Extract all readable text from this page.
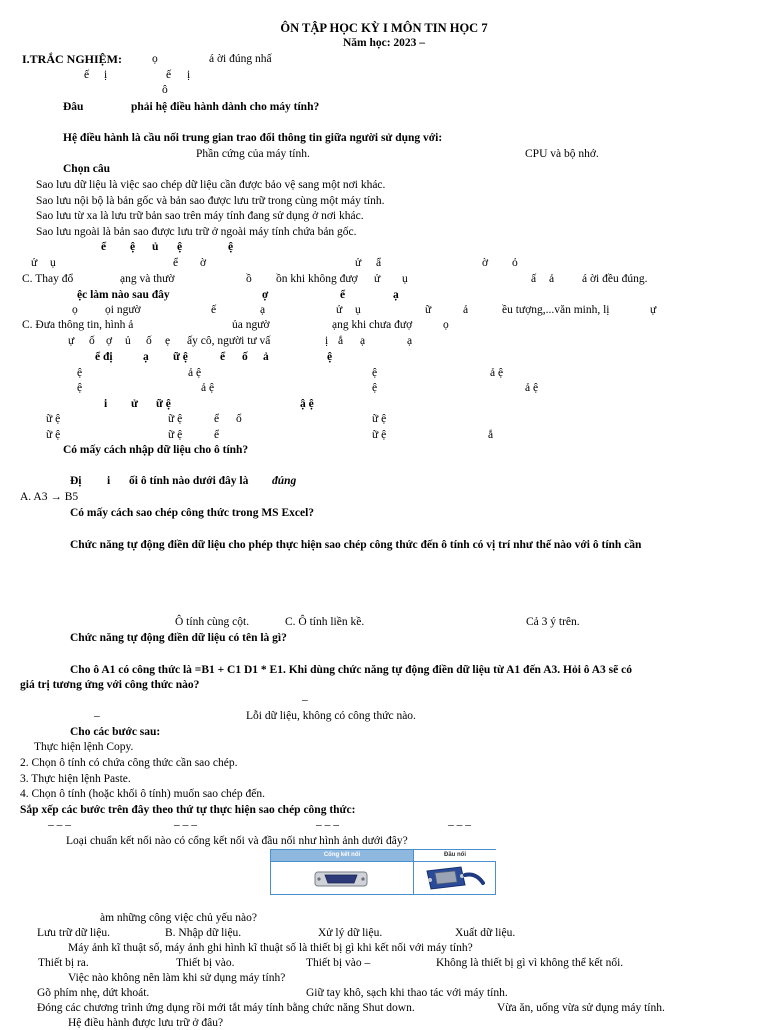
ÔN TẬP HỌC KỲ I MÔN TIN HỌC 7
Năm học: 2023 –
I.TRẮC NGHIỆM:	ọ	á ời đúng nhấ
ế ị	ế ị
ô
Đâu	phải hệ điều hành dành cho máy tính?
Hệ điều hành là cầu nối trung gian trao đổi thông tin giữa người sử dụng với:
Phần cứng của máy tính.	CPU và bộ nhớ.
Chọn câu
Sao lưu dữ liệu là việc sao chép dữ liệu cần được bảo vệ sang một nơi khác.
Sao lưu nội bộ là bản gốc và bản sao được lưu trữ trong cùng một máy tính.
Sao lưu từ xa là lưu trữ bản sao trên máy tính đang sử dụng ở nơi khác.
Sao lưu ngoài là bản sao được lưu trữ ở ngoài máy tính chứa bản gốc.
ể ệ ủ ệ	ệ
ử ụ	ể ờ	ử ẩ	ờ ỏ
C. Thay đổ	ạng và thườ	ồ ồn khi không đượ ử ụ	ấ ả á ời đều đúng.
ệc làm nào sau đây	ợ	ể	ạ
ọ ọi ngườ	ế	ạ	ử ụ	ữ	ả	ều tượng,...văn minh, lị	ự
C. Đưa thông tin, hình ả	ủa ngườ	ạng khi chưa đượ	ọ
ự ố ợ ủ ố ẹ ấy cô, người tư vấ	ị ắ ạ	ạ
ể đị	ạ ữ ệ	ể ố ả	ệ
ệ	ả ệ	ệ	ả ệ
ệ	ả ệ	ệ	ả ệ
i ử ữ ệ	ậ ệ
ữ ệ	ữ ệ	ể ố	ữ ệ
ữ ệ	ữ ệ	ể	ữ ệ	ắ
Có mấy cách nhập dữ liệu cho ô tính?
Đị i ối ô tính nào dưới đây là đúng
A. A3 → B5
Có mấy cách sao chép công thức trong MS Excel?
Chức năng tự động điền dữ liệu cho phép thực hiện sao chép công thức đến ô tính có vị trí như thế nào với ô tính cần
Ô tính cùng cột.	C. Ô tính liền kề.	Cả 3 ý trên.
Chức năng tự động điền dữ liệu có tên là gì?
Cho ô A1 có công thức là =B1 + C1 D1 * E1. Khi dùng chức năng tự động điền dữ liệu từ A1 đến A3. Hỏi ô A3 sẽ có
giá trị tương ứng với công thức nào?
–
–	Lỗi dữ liệu, không có công thức nào.
Cho các bước sau:
Thực hiện lệnh Copy.
2. Chọn ô tính có chứa công thức cần sao chép.
3. Thực hiện lệnh Paste.
4. Chọn ô tính (hoặc khối ô tính) muốn sao chép đến.
Sắp xếp các bước trên đây theo thứ tự thực hiện sao chép công thức:
– – –	– – –	– – –	– – –
Loại chuẩn kết nối nào có cổng kết nối và đầu nối như hình ảnh dưới đây?
Cổng kết nối	Đầu nối
àm những công việc chủ yếu nào?
Lưu trữ dữ liệu.	B. Nhập dữ liệu.	Xử lý dữ liệu.	Xuất dữ liệu.
Máy ảnh kĩ thuật số, máy ảnh ghi hình kĩ thuật số là thiết bị gì khi kết nối với máy tính?
Thiết bị ra.	Thiết bị vào.	Thiết bị vào –	Không là thiết bị gì vì không thể kết nối.
Việc nào không nên làm khi sử dụng máy tính?
Gõ phím nhẹ, dứt khoát.	Giữ tay khô, sạch khi thao tác với máy tính.
Đóng các chương trình ứng dụng rồi mới tắt máy tính bằng chức năng Shut down.	Vừa ăn, uống vừa sử dụng máy tính.
Hệ điều hành được lưu trữ ở đâu?
